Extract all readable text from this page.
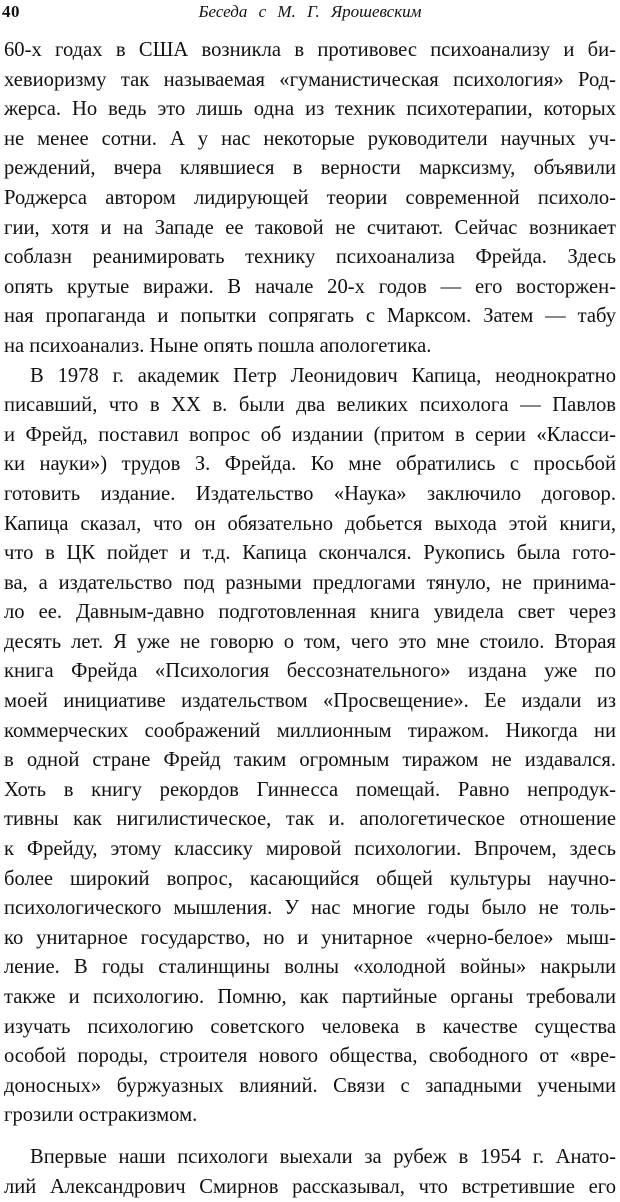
40	Беседа с М. Г. Ярошевским
60-х годах в США возникла в противовес психоанализу и би-
хевиоризму так называемая «гуманистическая психология» Род-
жерса. Но ведь это лишь одна из техник психотерапии, которых
не менее сотни. А у нас некоторые руководители научных уч-
реждений, вчера клявшиеся в верности марксизму, объявили
Роджерса автором лидирующей теории современной психоло-
гии, хотя и на Западе ее таковой не считают. Сейчас возникает
соблазн реанимировать технику психоанализа Фрейда. Здесь
опять крутые виражи. В начале 20-х годов — его восторжен-
ная пропаганда и попытки сопрягать с Марксом. Затем — табу
на психоанализ. Ныне опять пошла апологетика.
В 1978 г. академик Петр Леонидович Капица, неоднократно
писавший, что в XX в. были два великих психолога — Павлов
и Фрейд, поставил вопрос об издании (притом в серии «Класси-
ки науки») трудов З. Фрейда. Ко мне обратились с просьбой
готовить издание. Издательство «Наука» заключило договор.
Капица сказал, что он обязательно добьется выхода этой книги,
что в ЦК пойдет и т.д. Капица скончался. Рукопись была гото-
ва, а издательство под разными предлогами тянуло, не принима-
ло ее. Давным-давно подготовленная книга увидела свет через
десять лет. Я уже не говорю о том, чего это мне стоило. Вторая
книга Фрейда «Психология бессознательного» издана уже по
моей инициативе издательством «Просвещение». Ее издали из
коммерческих соображений миллионным тиражом. Никогда ни
в одной стране Фрейд таким огромным тиражом не издавался.
Хоть в книгу рекордов Гиннесса помещай. Равно непродук-
тивны как нигилистическое, так и. апологетическое отношение
к Фрейду, этому классику мировой психологии. Впрочем, здесь
более широкий вопрос, касающийся общей культуры научно-
психологического мышления. У нас многие годы было не толь-
ко унитарное государство, но и унитарное «черно-белое» мыш-
ление. В годы сталинщины волны «холодной войны» накрыли
также и психологию. Помню, как партийные органы требовали
изучать психологию советского человека в качестве существа
особой породы, строителя нового общества, свободного от «вре-
доносных» буржуазных влияний. Связи с западными учеными
грозили остракизмом.
Впервые наши психологи выехали за рубеж в 1954 г. Анато-
лий Александрович Смирнов рассказывал, что встретившие его
